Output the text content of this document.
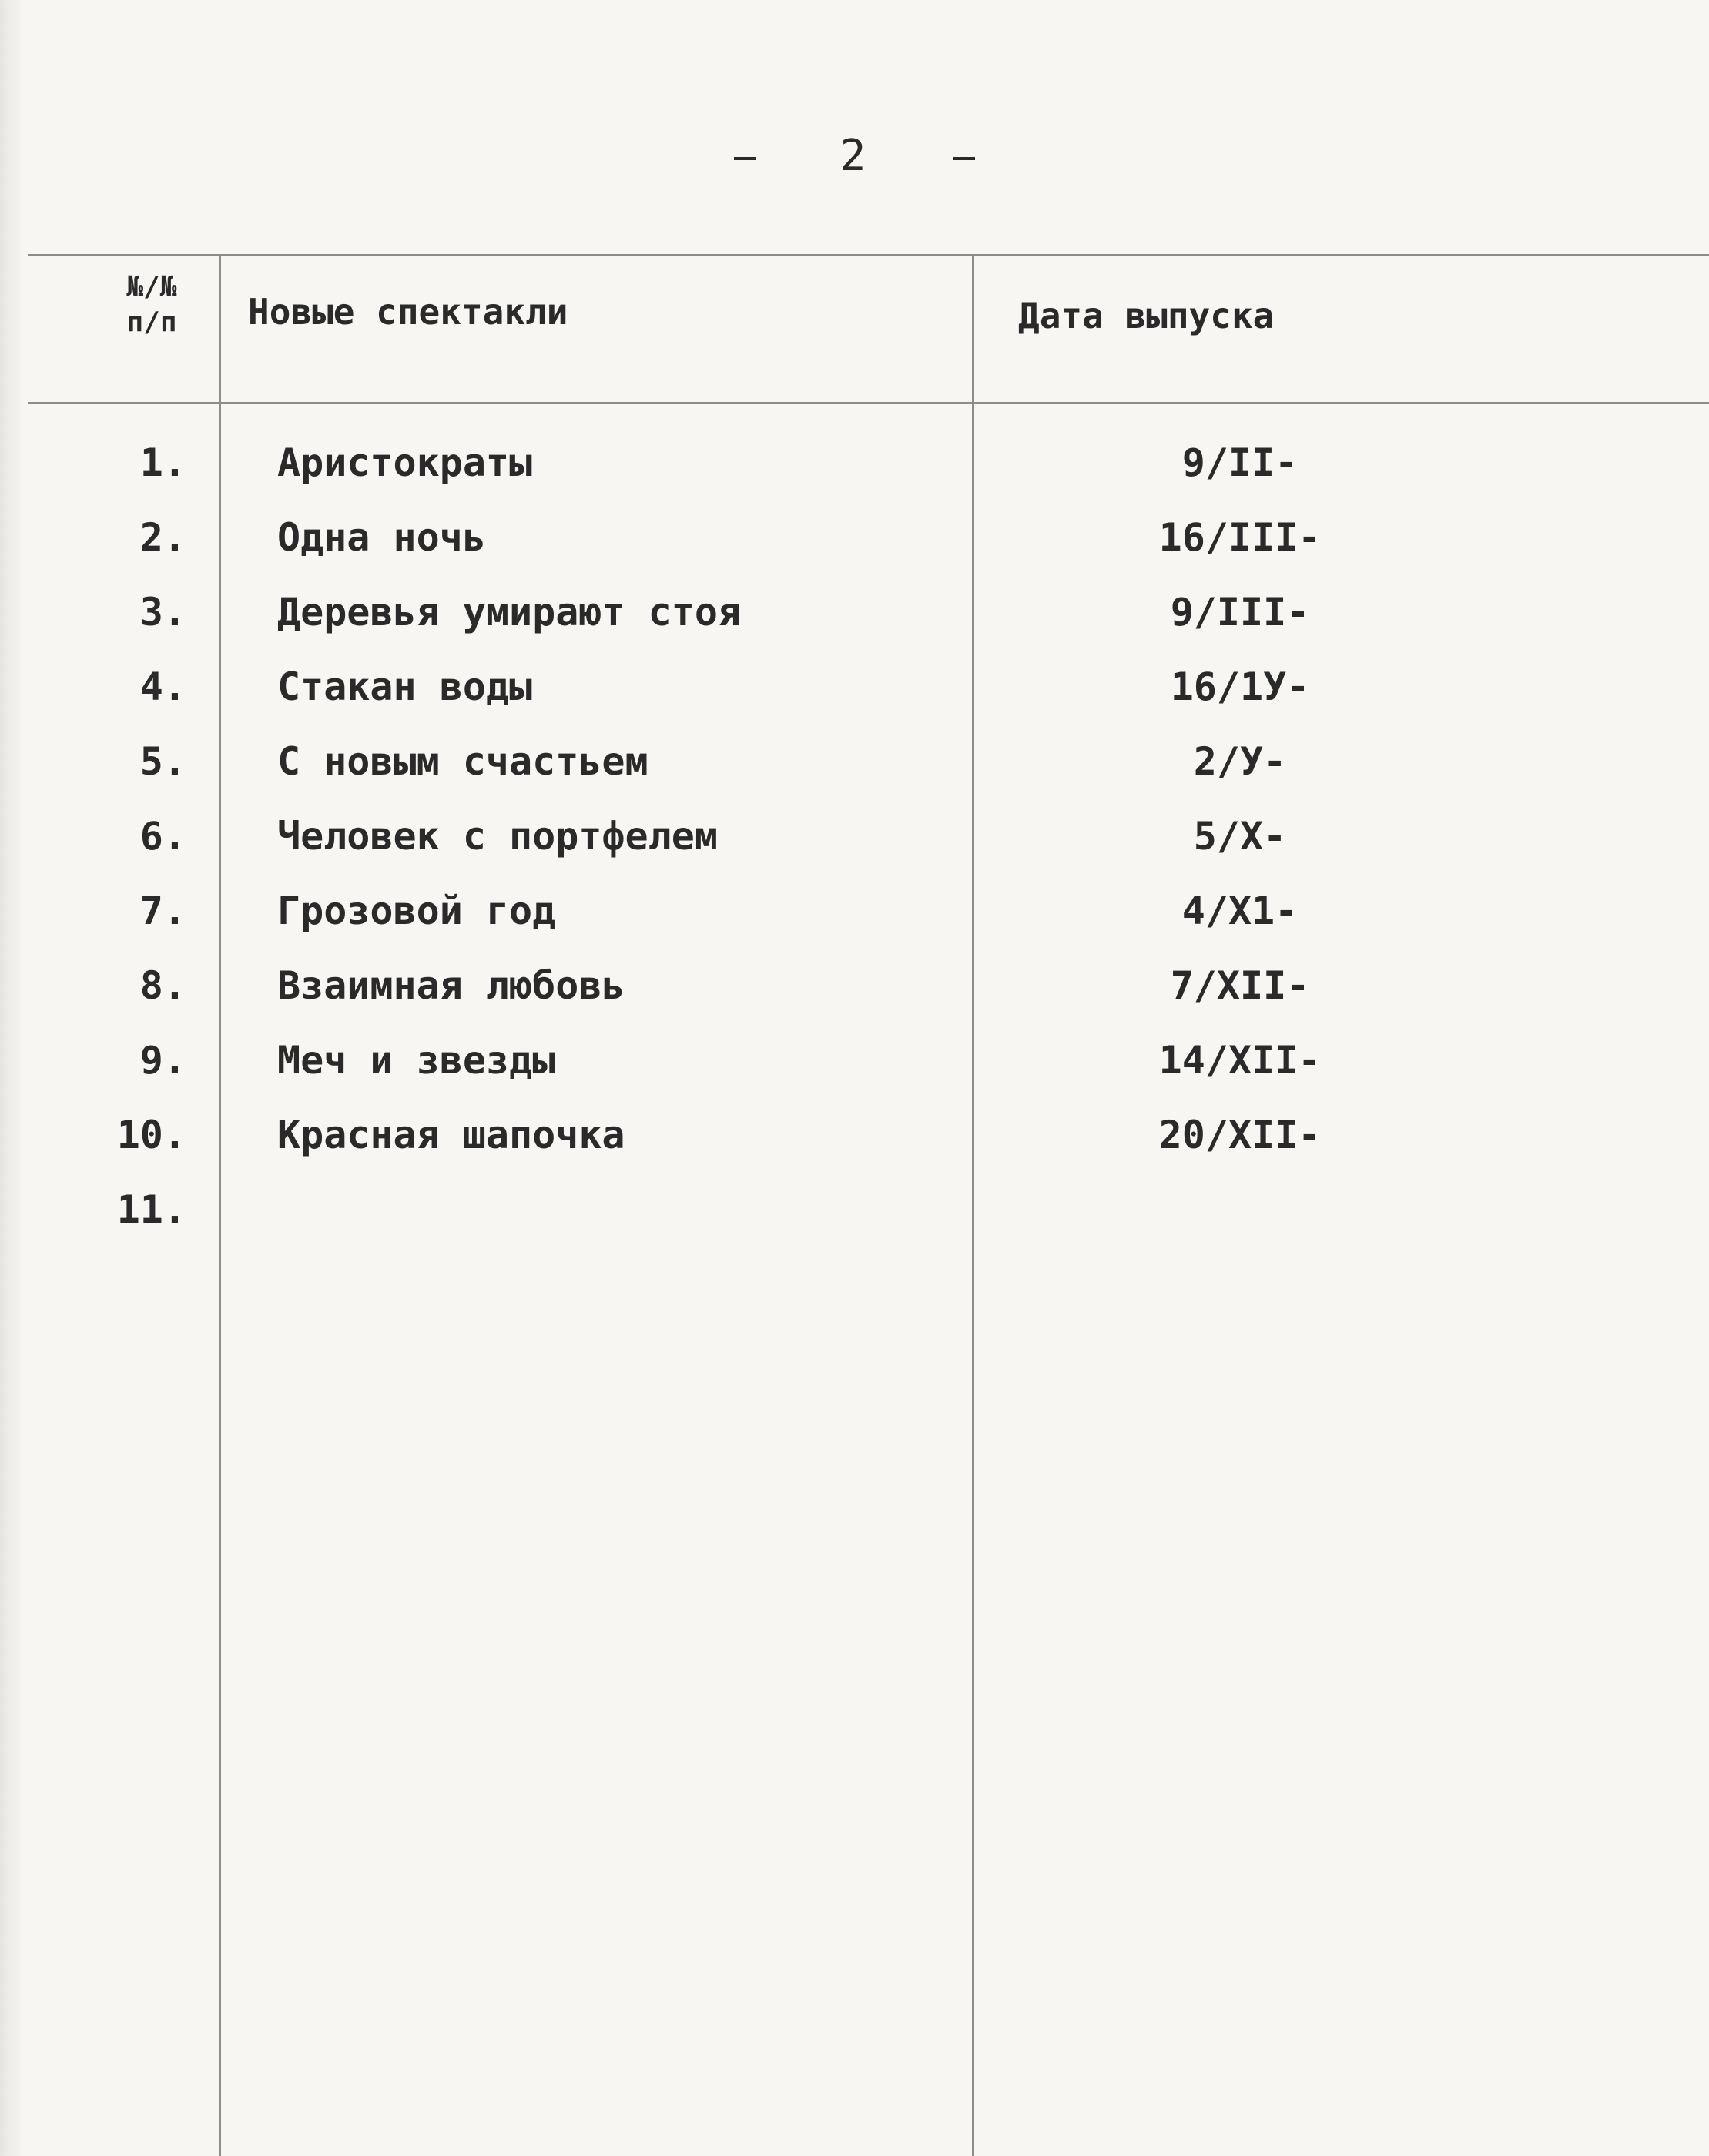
2
№/№
п/п	Новые спектакли	Дата выпуска
1. Аристократы	9/II-
2. Одна ночь	16/III-
3. Деревья умирают стоя	9/III-
4. Стакан воды	16/1У-
5. С новым счастьем	2/У-
6. Человек с портфелем	5/X-
7. Грозовой год	4/X1-
8. Взаимная любовь	7/XII-
9. Меч и звезды	14/XII-
10. Красная шапочка	20/XII-
11.
